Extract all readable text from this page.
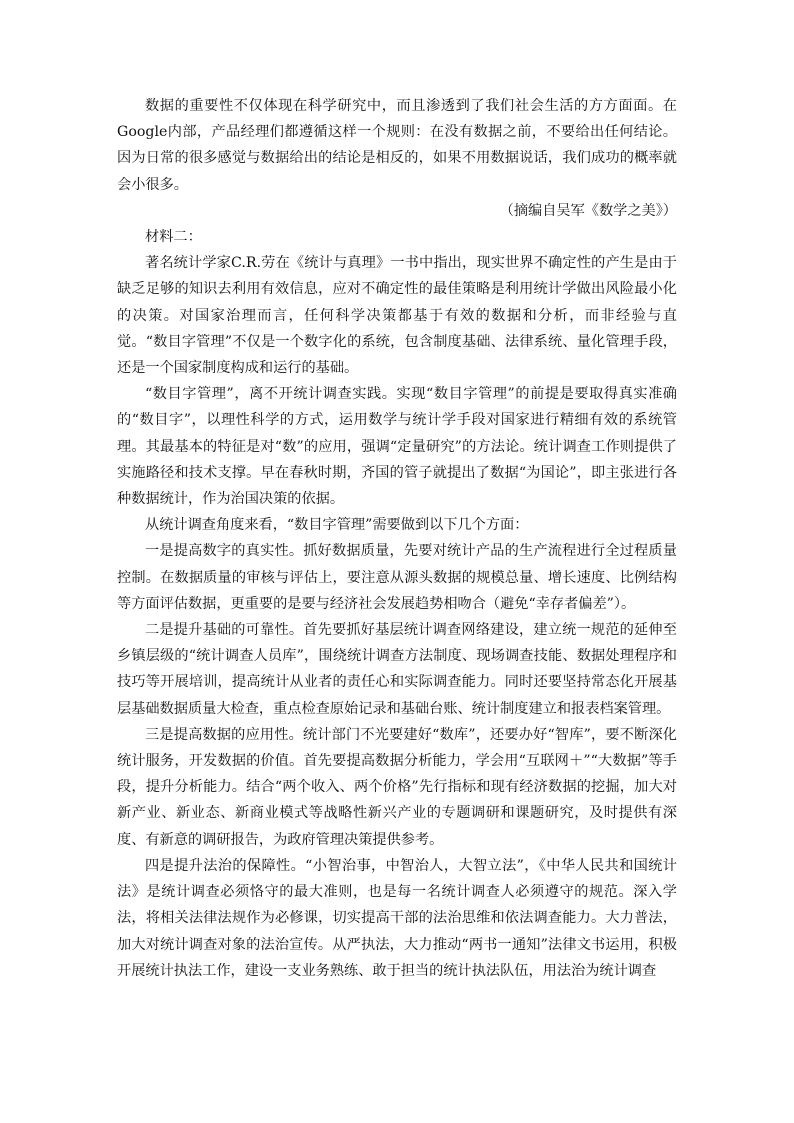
数据的重要性不仅体现在科学研究中，而且渗透到了我们社会生活的方方面面。在Google内部，产品经理们都遵循这样一个规则：在没有数据之前，不要给出任何结论。因为日常的很多感觉与数据给出的结论是相反的，如果不用数据说话，我们成功的概率就会小很多。

（摘编自吴军《数学之美》）

材料二：

著名统计学家C.R.劳在《统计与真理》一书中指出，现实世界不确定性的产生是由于缺乏足够的知识去利用有效信息，应对不确定性的最佳策略是利用统计学做出风险最小化的决策。对国家治理而言，任何科学决策都基于有效的数据和分析，而非经验与直觉。“数目字管理”不仅是一个数字化的系统，包含制度基础、法律系统、量化管理手段，还是一个国家制度构成和运行的基础。

“数目字管理”，离不开统计调查实践。实现“数目字管理”的前提是要取得真实准确的“数目字”，以理性科学的方式，运用数学与统计学手段对国家进行精细有效的系统管理。其最基本的特征是对“数”的应用，强调“定量研究”的方法论。统计调查工作则提供了实施路径和技术支撑。早在春秋时期，齐国的管子就提出了数据“为国论”，即主张进行各种数据统计，作为治国决策的依据。

从统计调查角度来看，“数目字管理”需要做到以下几个方面：

一是提高数字的真实性。抓好数据质量，先要对统计产品的生产流程进行全过程质量控制。在数据质量的审核与评估上，要注意从源头数据的规模总量、增长速度、比例结构等方面评估数据，更重要的是要与经济社会发展趋势相吻合（避免“幸存者偏差”）。

二是提升基础的可靠性。首先要抓好基层统计调查网络建设，建立统一规范的延伸至乡镇层级的“统计调查人员库”，围绕统计调查方法制度、现场调查技能、数据处理程序和技巧等开展培训，提高统计从业者的责任心和实际调查能力。同时还要坚持常态化开展基层基础数据质量大检查，重点检查原始记录和基础台账、统计制度建立和报表档案管理。

三是提高数据的应用性。统计部门不光要建好“数库”，还要办好“智库”，要不断深化统计服务，开发数据的价值。首先要提高数据分析能力，学会用“互联网＋”“大数据”等手段，提升分析能力。结合“两个收入、两个价格”先行指标和现有经济数据的挖掘，加大对新产业、新业态、新商业模式等战略性新兴产业的专题调研和课题研究，及时提供有深度、有新意的调研报告，为政府管理决策提供参考。

四是提升法治的保障性。“小智治事，中智治人，大智立法”，《中华人民共和国统计法》是统计调查必须恪守的最大准则，也是每一名统计调查人必须遵守的规范。深入学法，将相关法律法规作为必修课，切实提高干部的法治思维和依法调查能力。大力普法，加大对统计调查对象的法治宣传。从严执法，大力推动“两书一通知”法律文书运用，积极开展统计执法工作，建设一支业务熟练、敢于担当的统计执法队伍，用法治为统计调查
